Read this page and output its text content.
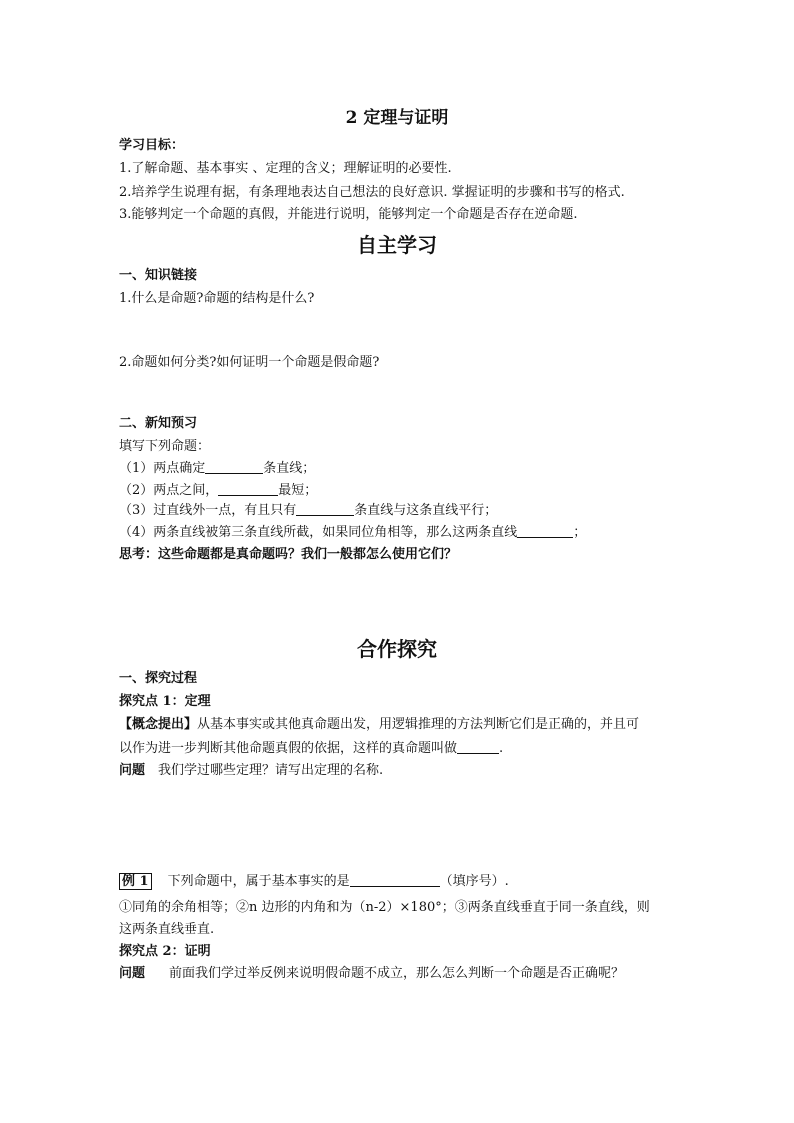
2 定理与证明
学习目标：
1.了解命题、基本事实 、定理的含义；理解证明的必要性.
2.培养学生说理有据，有条理地表达自己想法的良好意识. 掌握证明的步骤和书写的格式.
3.能够判定一个命题的真假，并能进行说明，能够判定一个命题是否存在逆命题.
自主学习
一、知识链接
1.什么是命题?命题的结构是什么?
2.命题如何分类?如何证明一个命题是假命题?
二、新知预习
填写下列命题：
（1）两点确定	条直线；
（2）两点之间，	最短；
（3）过直线外一点，有且只有	条直线与这条直线平行；
（4）两条直线被第三条直线所截，如果同位角相等，那么这两条直线	；
思考：这些命题都是真命题吗？我们一般都怎么使用它们？
合作探究
一、探究过程
探究点 1：定理
【概念提出】从基本事实或其他真命题出发，用逻辑推理的方法判断它们是正确的，并且可
以作为进一步判断其他命题真假的依据，这样的真命题叫做	.
问题 我们学过哪些定理？请写出定理的名称.
例 1 下列命题中，属于基本事实的是	（填序号）.
①同角的余角相等；②n 边形的内角和为（n-2）×180°；③两条直线垂直于同一条直线，则
这两条直线垂直.
探究点 2：证明
问题 前面我们学过举反例来说明假命题不成立，那么怎么判断一个命题是否正确呢？
